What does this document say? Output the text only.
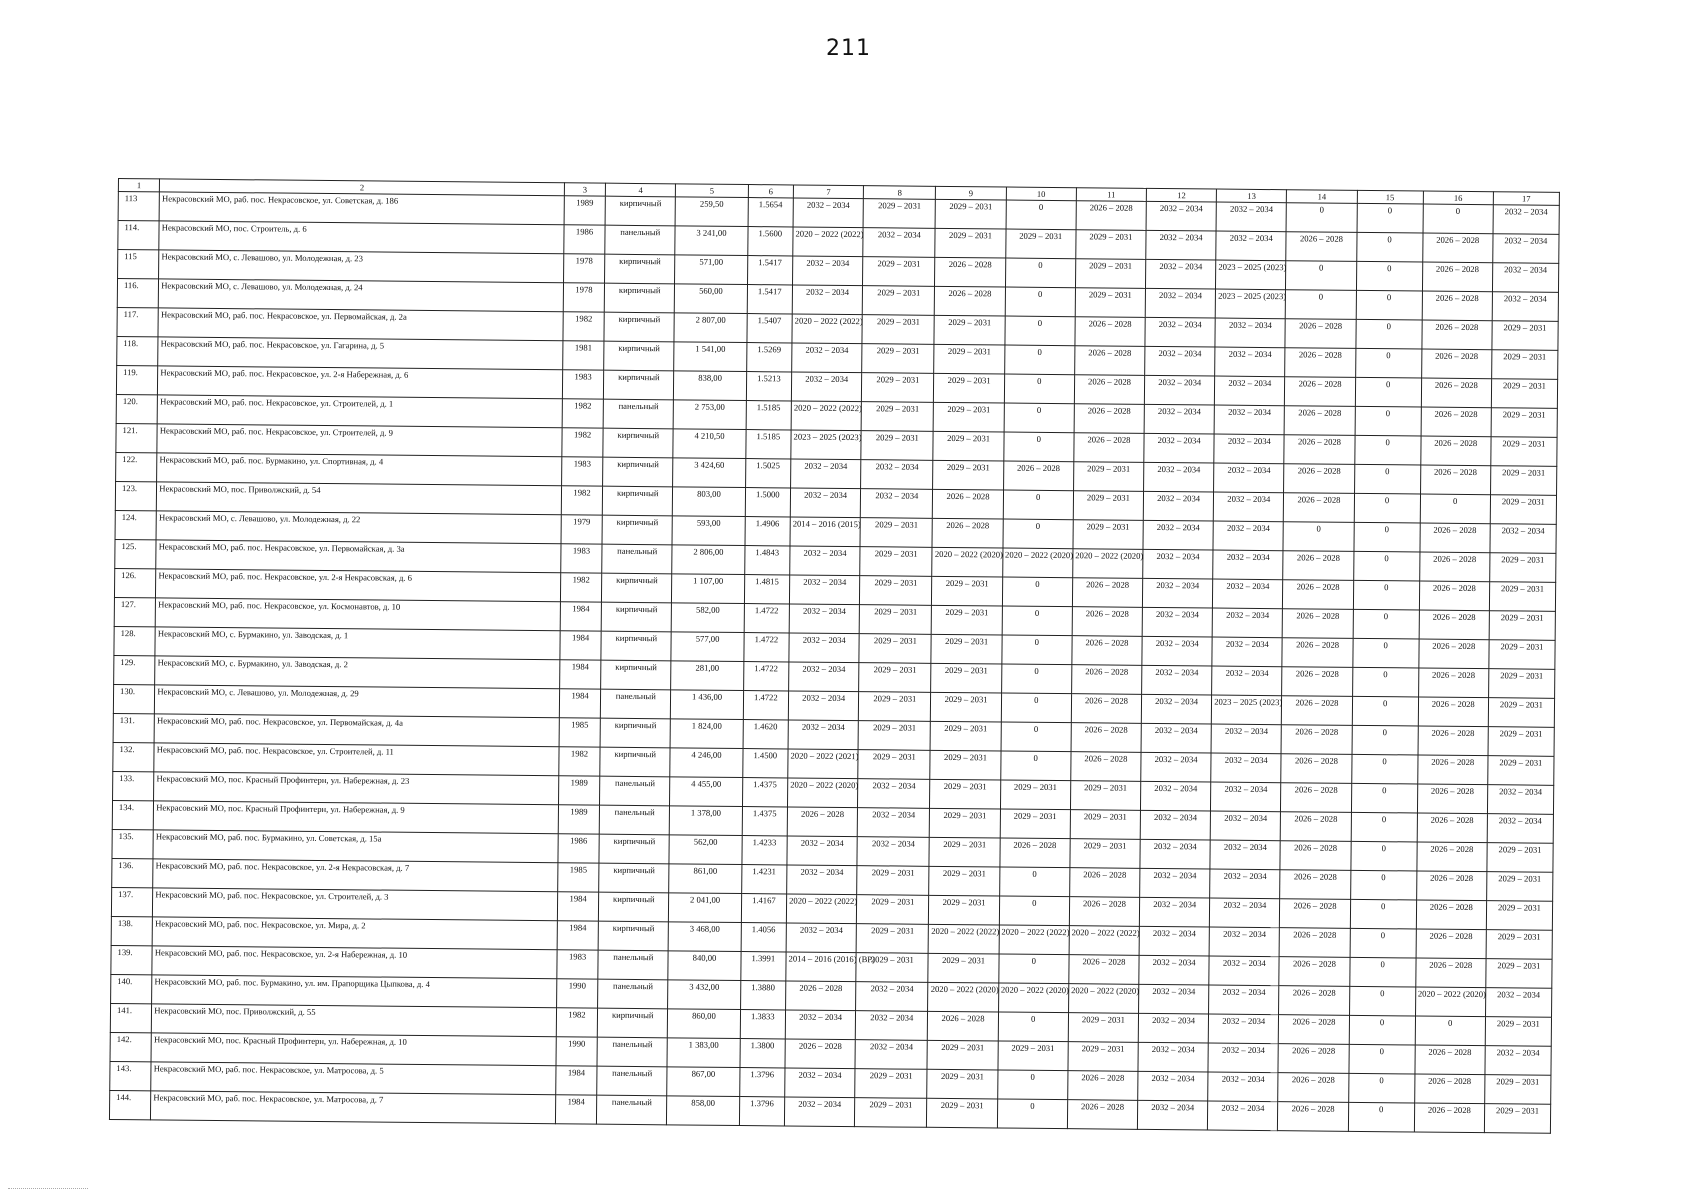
211
1	2	3	4	5	6	7	8	9	10	11	12	13	14	15	16	17
113	Некрасовский МО, раб. пос. Некрасовское, ул. Советская, д. 186	1989	кирпичный	259,50	1.5654	2032 – 2034	2029 – 2031	2029 – 2031	0	2026 – 2028	2032 – 2034	2032 – 2034	0	0	0	2032 – 2034
114.	Некрасовский МО, пос. Строитель, д. 6	1986	панельный	3 241,00	1.5600	2020 – 2022 (2022)	2032 – 2034	2029 – 2031	2029 – 2031	2029 – 2031	2032 – 2034	2032 – 2034	2026 – 2028	0	2026 – 2028	2032 – 2034
115	Некрасовский МО, с. Левашово, ул. Молодежная, д. 23	1978	кирпичный	571,00	1.5417	2032 – 2034	2029 – 2031	2026 – 2028	0	2029 – 2031	2032 – 2034	2023 – 2025 (2023)	0	0	2026 – 2028	2032 – 2034
116.	Некрасовский МО, с. Левашово, ул. Молодежная, д. 24	1978	кирпичный	560,00	1.5417	2032 – 2034	2029 – 2031	2026 – 2028	0	2029 – 2031	2032 – 2034	2023 – 2025 (2023)	0	0	2026 – 2028	2032 – 2034
117.	Некрасовский МО, раб. пос. Некрасовское, ул. Первомайская, д. 2а	1982	кирпичный	2 807,00	1.5407	2020 – 2022 (2022)	2029 – 2031	2029 – 2031	0	2026 – 2028	2032 – 2034	2032 – 2034	2026 – 2028	0	2026 – 2028	2029 – 2031
118.	Некрасовский МО, раб. пос. Некрасовское, ул. Гагарина, д. 5	1981	кирпичный	1 541,00	1.5269	2032 – 2034	2029 – 2031	2029 – 2031	0	2026 – 2028	2032 – 2034	2032 – 2034	2026 – 2028	0	2026 – 2028	2029 – 2031
119.	Некрасовский МО, раб. пос. Некрасовское, ул. 2-я Набережная, д. 6	1983	кирпичный	838,00	1.5213	2032 – 2034	2029 – 2031	2029 – 2031	0	2026 – 2028	2032 – 2034	2032 – 2034	2026 – 2028	0	2026 – 2028	2029 – 2031
120.	Некрасовский МО, раб. пос. Некрасовское, ул. Строителей, д. 1	1982	панельный	2 753,00	1.5185	2020 – 2022 (2022)	2029 – 2031	2029 – 2031	0	2026 – 2028	2032 – 2034	2032 – 2034	2026 – 2028	0	2026 – 2028	2029 – 2031
121.	Некрасовский МО, раб. пос. Некрасовское, ул. Строителей, д. 9	1982	кирпичный	4 210,50	1.5185	2023 – 2025 (2023)	2029 – 2031	2029 – 2031	0	2026 – 2028	2032 – 2034	2032 – 2034	2026 – 2028	0	2026 – 2028	2029 – 2031
122.	Некрасовский МО, раб. пос. Бурмакино, ул. Спортивная, д. 4	1983	кирпичный	3 424,60	1.5025	2032 – 2034	2032 – 2034	2029 – 2031	2026 – 2028	2029 – 2031	2032 – 2034	2032 – 2034	2026 – 2028	0	2026 – 2028	2029 – 2031
123.	Некрасовский МО, пос. Приволжский, д. 54	1982	кирпичный	803,00	1.5000	2032 – 2034	2032 – 2034	2026 – 2028	0	2029 – 2031	2032 – 2034	2032 – 2034	2026 – 2028	0	0	2029 – 2031
124.	Некрасовский МО, с. Левашово, ул. Молодежная, д. 22	1979	кирпичный	593,00	1.4906	2014 – 2016 (2015)	2029 – 2031	2026 – 2028	0	2029 – 2031	2032 – 2034	2032 – 2034	0	0	2026 – 2028	2032 – 2034
125.	Некрасовский МО, раб. пос. Некрасовское, ул. Первомайская, д. 3а	1983	панельный	2 806,00	1.4843	2032 – 2034	2029 – 2031	2020 – 2022 (2020)	2020 – 2022 (2020)	2020 – 2022 (2020)	2032 – 2034	2032 – 2034	2026 – 2028	0	2026 – 2028	2029 – 2031
126.	Некрасовский МО, раб. пос. Некрасовское, ул. 2-я Некрасовская, д. 6	1982	кирпичный	1 107,00	1.4815	2032 – 2034	2029 – 2031	2029 – 2031	0	2026 – 2028	2032 – 2034	2032 – 2034	2026 – 2028	0	2026 – 2028	2029 – 2031
127.	Некрасовский МО, раб. пос. Некрасовское, ул. Космонавтов, д. 10	1984	кирпичный	582,00	1.4722	2032 – 2034	2029 – 2031	2029 – 2031	0	2026 – 2028	2032 – 2034	2032 – 2034	2026 – 2028	0	2026 – 2028	2029 – 2031
128.	Некрасовский МО, с. Бурмакино, ул. Заводская, д. 1	1984	кирпичный	577,00	1.4722	2032 – 2034	2029 – 2031	2029 – 2031	0	2026 – 2028	2032 – 2034	2032 – 2034	2026 – 2028	0	2026 – 2028	2029 – 2031
129.	Некрасовский МО, с. Бурмакино, ул. Заводская, д. 2	1984	кирпичный	281,00	1.4722	2032 – 2034	2029 – 2031	2029 – 2031	0	2026 – 2028	2032 – 2034	2032 – 2034	2026 – 2028	0	2026 – 2028	2029 – 2031
130.	Некрасовский МО, с. Левашово, ул. Молодежная, д. 29	1984	панельный	1 436,00	1.4722	2032 – 2034	2029 – 2031	2029 – 2031	0	2026 – 2028	2032 – 2034	2023 – 2025 (2023)	2026 – 2028	0	2026 – 2028	2029 – 2031
131.	Некрасовский МО, раб. пос. Некрасовское, ул. Первомайская, д. 4а	1985	кирпичный	1 824,00	1.4620	2032 – 2034	2029 – 2031	2029 – 2031	0	2026 – 2028	2032 – 2034	2032 – 2034	2026 – 2028	0	2026 – 2028	2029 – 2031
132.	Некрасовский МО, раб. пос. Некрасовское, ул. Строителей, д. 11	1982	кирпичный	4 246,00	1.4500	2020 – 2022 (2021)	2029 – 2031	2029 – 2031	0	2026 – 2028	2032 – 2034	2032 – 2034	2026 – 2028	0	2026 – 2028	2029 – 2031
133.	Некрасовский МО, пос. Красный Профинтерн, ул. Набережная, д. 23	1989	панельный	4 455,00	1.4375	2020 – 2022 (2020)	2032 – 2034	2029 – 2031	2029 – 2031	2029 – 2031	2032 – 2034	2032 – 2034	2026 – 2028	0	2026 – 2028	2032 – 2034
134.	Некрасовский МО, пос. Красный Профинтерн, ул. Набережная, д. 9	1989	панельный	1 378,00	1.4375	2026 – 2028	2032 – 2034	2029 – 2031	2029 – 2031	2029 – 2031	2032 – 2034	2032 – 2034	2026 – 2028	0	2026 – 2028	2032 – 2034
135.	Некрасовский МО, раб. пос. Бурмакино, ул. Советская, д. 15а	1986	кирпичный	562,00	1.4233	2032 – 2034	2032 – 2034	2029 – 2031	2026 – 2028	2029 – 2031	2032 – 2034	2032 – 2034	2026 – 2028	0	2026 – 2028	2029 – 2031
136.	Некрасовский МО, раб. пос. Некрасовское, ул. 2-я Некрасовская, д. 7	1985	кирпичный	861,00	1.4231	2032 – 2034	2029 – 2031	2029 – 2031	0	2026 – 2028	2032 – 2034	2032 – 2034	2026 – 2028	0	2026 – 2028	2029 – 2031
137.	Некрасовский МО, раб. пос. Некрасовское, ул. Строителей, д. 3	1984	кирпичный	2 041,00	1.4167	2020 – 2022 (2022)	2029 – 2031	2029 – 2031	0	2026 – 2028	2032 – 2034	2032 – 2034	2026 – 2028	0	2026 – 2028	2029 – 2031
138.	Некрасовский МО, раб. пос. Некрасовское, ул. Мира, д. 2	1984	кирпичный	3 468,00	1.4056	2032 – 2034	2029 – 2031	2020 – 2022 (2022)	2020 – 2022 (2022)	2020 – 2022 (2022)	2032 – 2034	2032 – 2034	2026 – 2028	0	2026 – 2028	2029 – 2031
139.	Некрасовский МО, раб. пос. Некрасовское, ул. 2-я Набережная, д. 10	1983	панельный	840,00	1.3991	2014 – 2016 (2016) (ВР)	2029 – 2031	2029 – 2031	0	2026 – 2028	2032 – 2034	2032 – 2034	2026 – 2028	0	2026 – 2028	2029 – 2031
140.	Некрасовский МО, раб. пос. Бурмакино, ул. им. Прапорщика Цыпкова, д. 4	1990	панельный	3 432,00	1.3880	2026 – 2028	2032 – 2034	2020 – 2022 (2020)	2020 – 2022 (2020)	2020 – 2022 (2020)	2032 – 2034	2032 – 2034	2026 – 2028	0	2020 – 2022 (2020)	2032 – 2034
141.	Некрасовский МО, пос. Приволжский, д. 55	1982	кирпичный	860,00	1.3833	2032 – 2034	2032 – 2034	2026 – 2028	0	2029 – 2031	2032 – 2034	2032 – 2034	2026 – 2028	0	0	2029 – 2031
142.	Некрасовский МО, пос. Красный Профинтерн, ул. Набережная, д. 10	1990	панельный	1 383,00	1.3800	2026 – 2028	2032 – 2034	2029 – 2031	2029 – 2031	2029 – 2031	2032 – 2034	2032 – 2034	2026 – 2028	0	2026 – 2028	2032 – 2034
143.	Некрасовский МО, раб. пос. Некрасовское, ул. Матросова, д. 5	1984	панельный	867,00	1.3796	2032 – 2034	2029 – 2031	2029 – 2031	0	2026 – 2028	2032 – 2034	2032 – 2034	2026 – 2028	0	2026 – 2028	2029 – 2031
144.	Некрасовский МО, раб. пос. Некрасовское, ул. Матросова, д. 7	1984	панельный	858,00	1.3796	2032 – 2034	2029 – 2031	2029 – 2031	0	2026 – 2028	2032 – 2034	2032 – 2034	2026 – 2028	0	2026 – 2028	2029 – 2031
